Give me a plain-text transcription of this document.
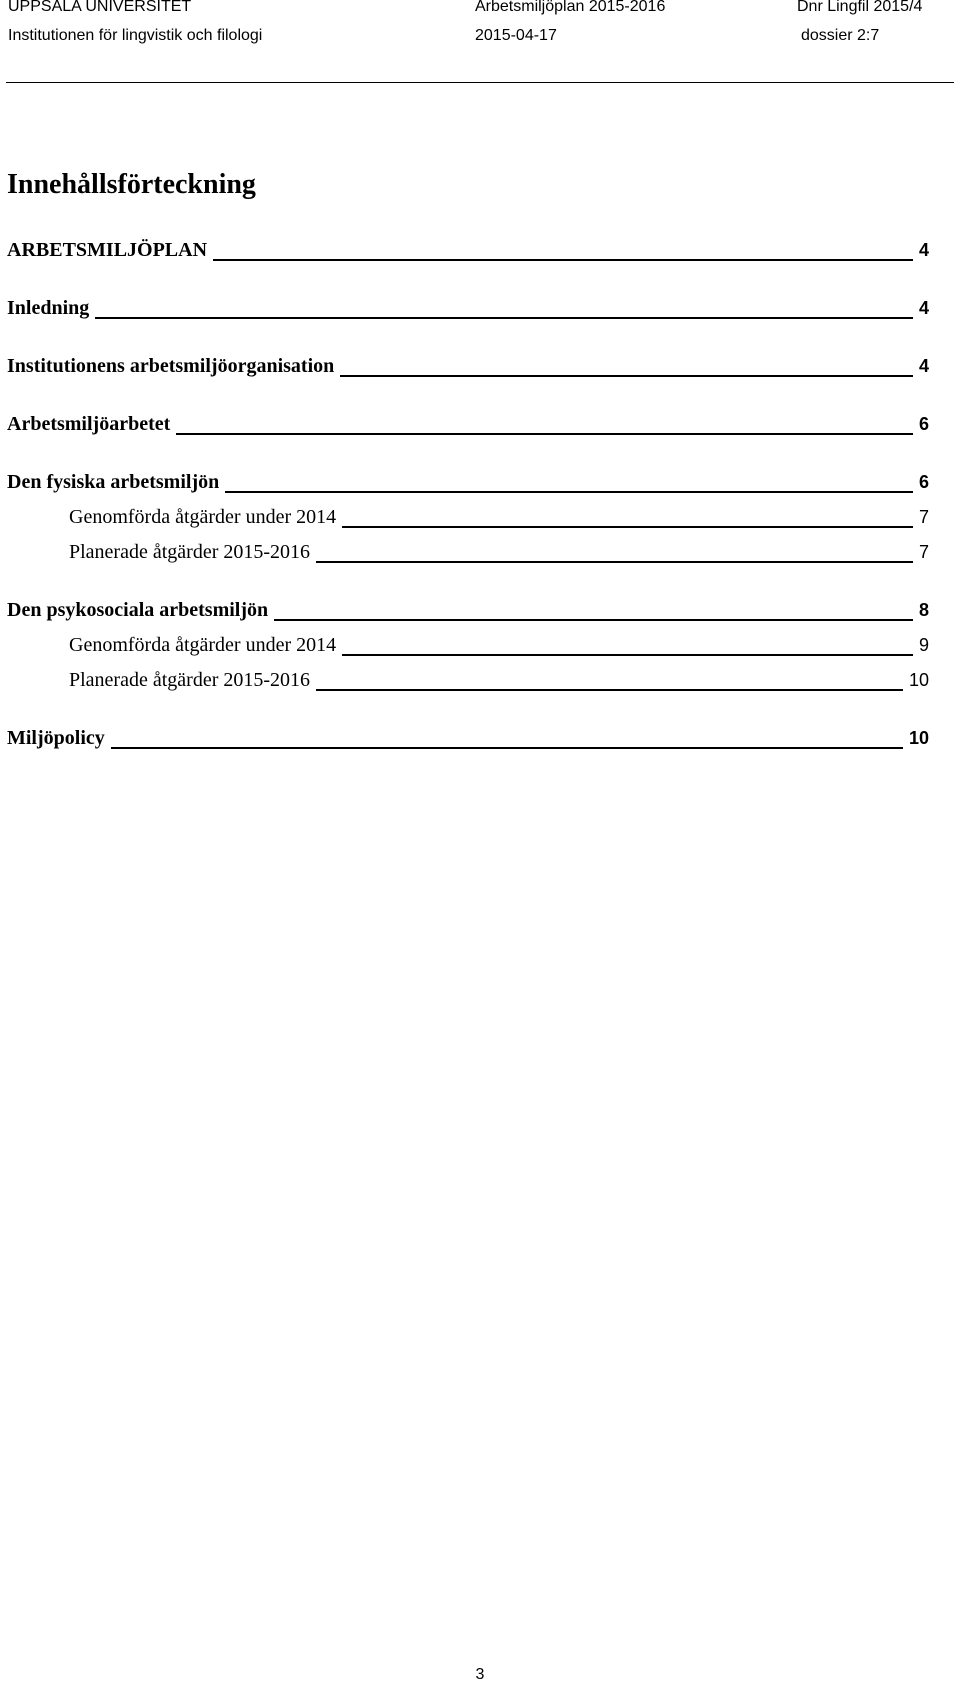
UPPSALA UNIVERSITET
Institutionen för lingvistik och filologi
Arbetsmiljöplan 2015-2016
2015-04-17
Dnr Lingfil 2015/4
dossier 2:7
Innehållsförteckning
ARBETSMILJÖPLAN	4
Inledning	4
Institutionens arbetsmiljöorganisation	4
Arbetsmiljöarbetet	6
Den fysiska arbetsmiljön	6
Genomförda åtgärder under 2014	7
Planerade åtgärder 2015-2016	7
Den psykosociala arbetsmiljön	8
Genomförda åtgärder under 2014	9
Planerade åtgärder 2015-2016	10
Miljöpolicy	10
3
